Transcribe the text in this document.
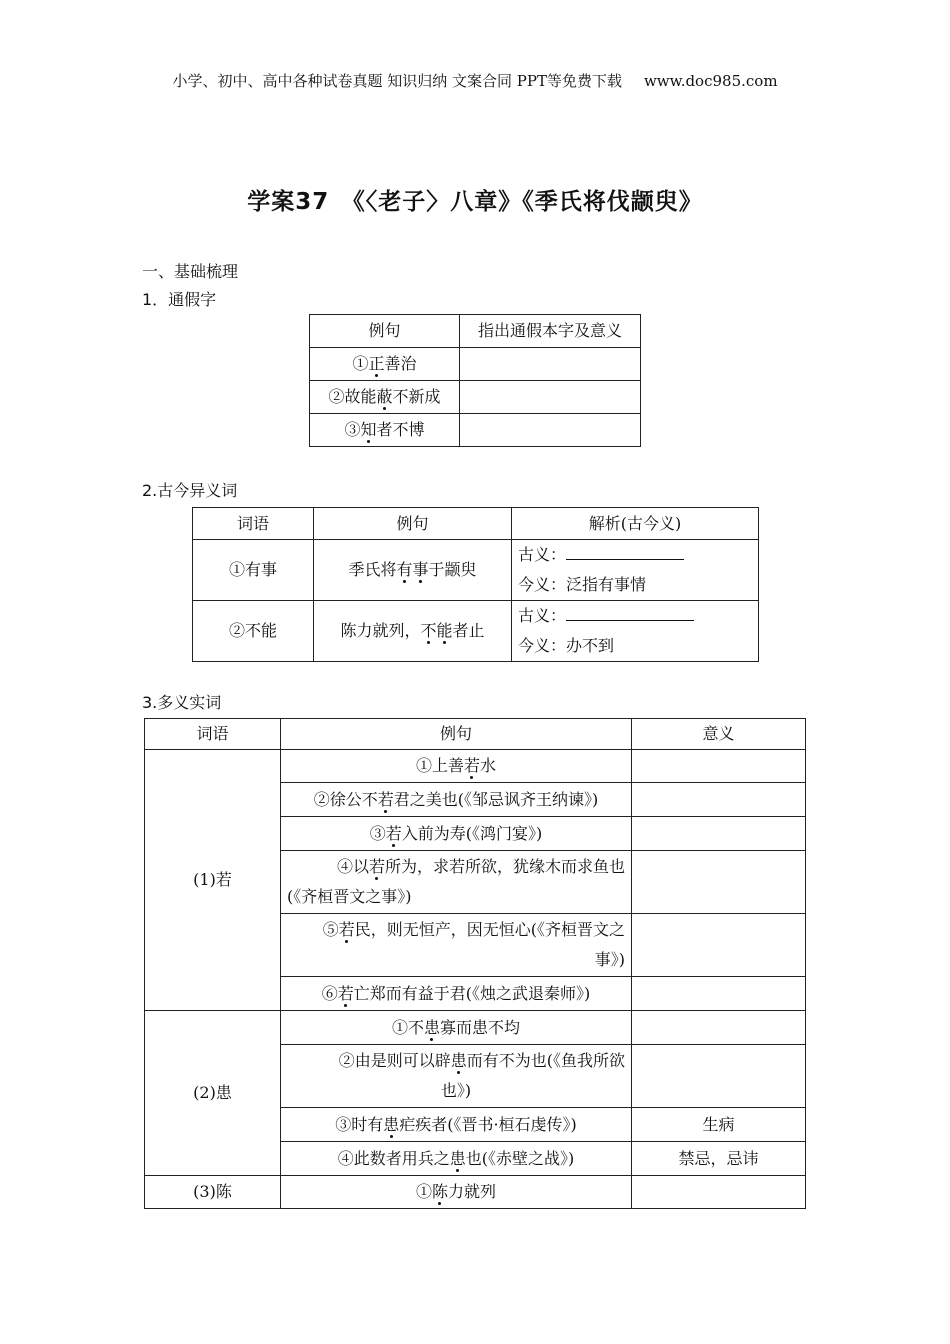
小学、初中、高中各种试卷真题 知识归纳 文案合同 PPT等免费下载 www.doc985.com
学案37　《〈老子〉八章》《季氏将伐颛臾》
一、基础梳理
1．通假字
例句	指出通假本字及意义
①正善治	
②故能蔽不新成	
③知者不博	
2.古今异义词
词语	例句	解析(古今义)
①有事	季氏将有事于颛臾	古义：
今义：泛指有事情

②不能	陈力就列，不能者止	古义：
今义：办不到
3.多义实词
词语	例句	意义
(1)若	①上善若水	
	②徐公不若君之美也(《邹忌讽齐王纳谏》)	
	③若入前为寿(《鸿门宴》)	

	④以若所为，求若所欲，犹缘木而求鱼也
(《齐桓晋文之事》)	

	⑤若民，则无恒产，因无恒心(《齐桓晋文之
事》)	

	⑥若亡郑而有益于君(《烛之武退秦师》)	
(2)患	①不患寡而患不均	

	②由是则可以辟患而有不为也(《鱼我所欲
也》)	

	③时有患疟疾者(《晋书·桓石虔传》)	生病
	④此数者用兵之患也(《赤壁之战》)	禁忌，忌讳
(3)陈	①陈力就列	
